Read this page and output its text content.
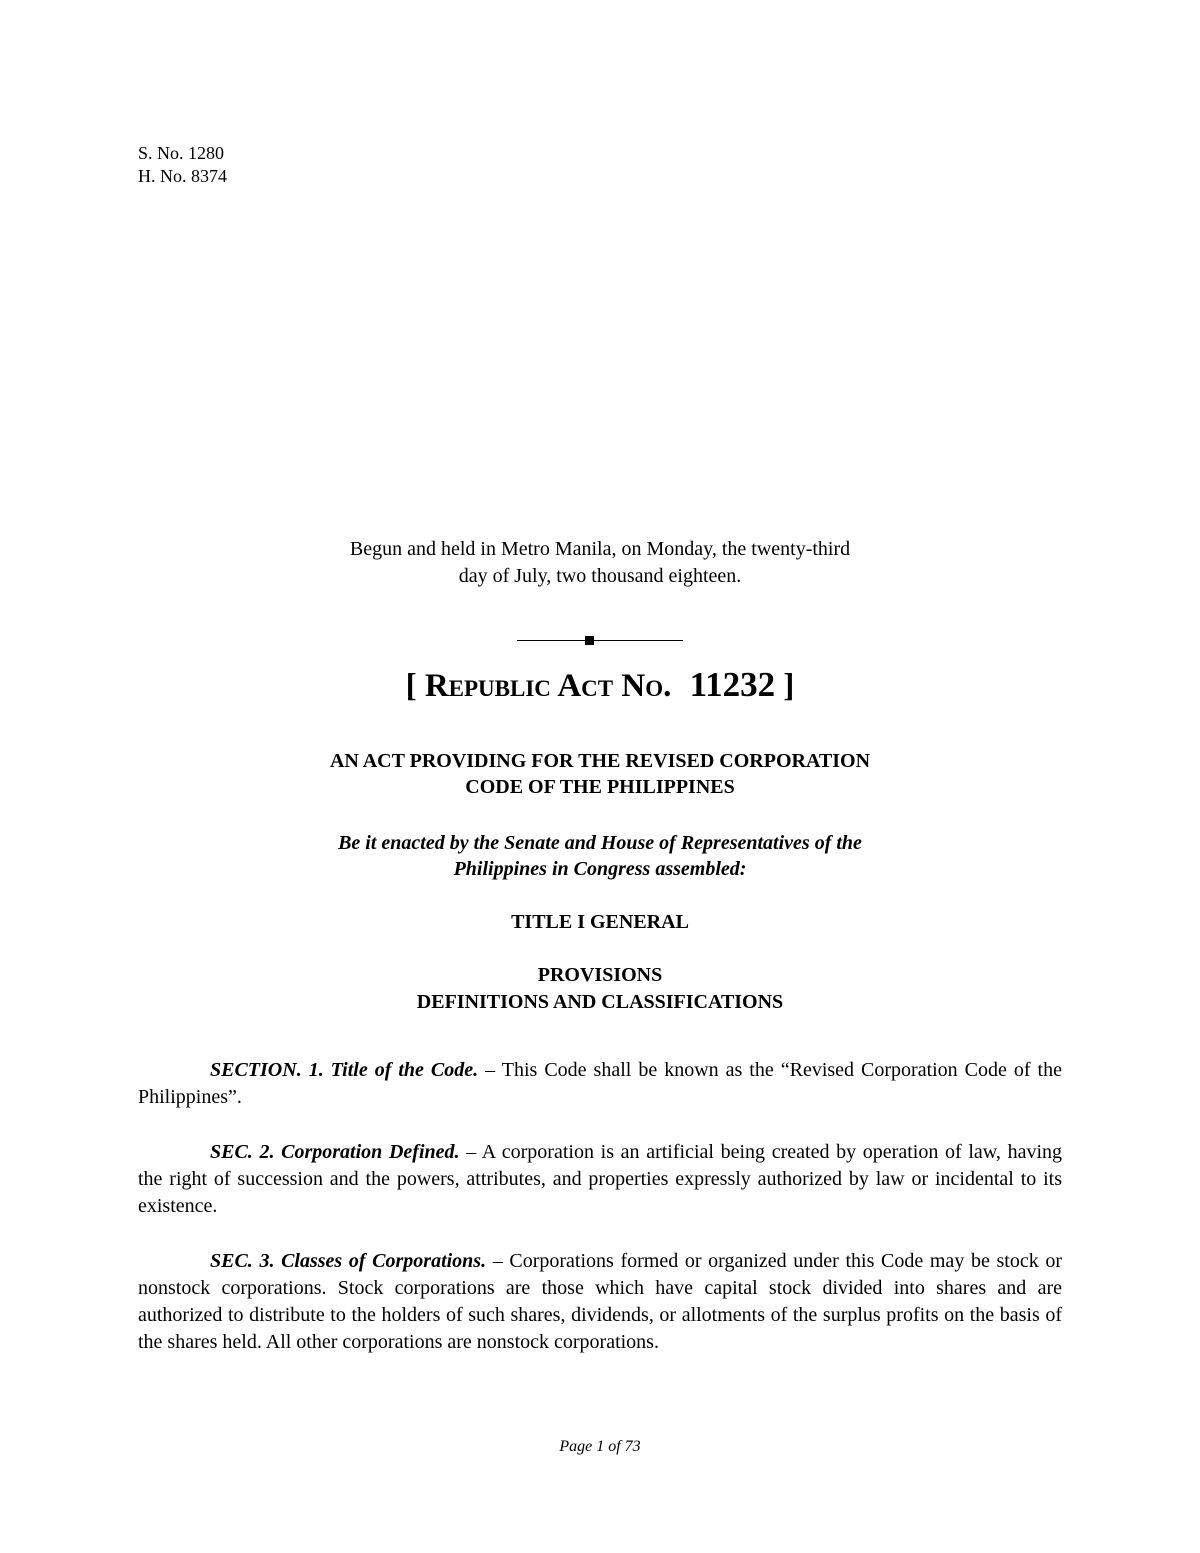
S. No. 1280
H. No. 8374
Begun and held in Metro Manila, on Monday, the twenty-third
day of July, two thousand eighteen.
[ Republic Act No. 11232 ]
AN ACT PROVIDING FOR THE REVISED CORPORATION
CODE OF THE PHILIPPINES
Be it enacted by the Senate and House of Representatives of the
Philippines in Congress assembled:
TITLE I GENERAL
PROVISIONS
DEFINITIONS AND CLASSIFICATIONS

SECTION. 1. Title of the Code. – This Code shall be known as the “Revised Corporation Code of the Philippines”.

SEC. 2. Corporation Defined. – A corporation is an artificial being created by operation of law, having the right of succession and the powers, attributes, and properties expressly authorized by law or incidental to its existence.

SEC. 3. Classes of Corporations. – Corporations formed or organized under this Code may be stock or nonstock corporations. Stock corporations are those which have capital stock divided into shares and are authorized to distribute to the holders of such shares, dividends, or allotments of the surplus profits on the basis of the shares held. All other corporations are nonstock corporations.

Page 1 of 73
